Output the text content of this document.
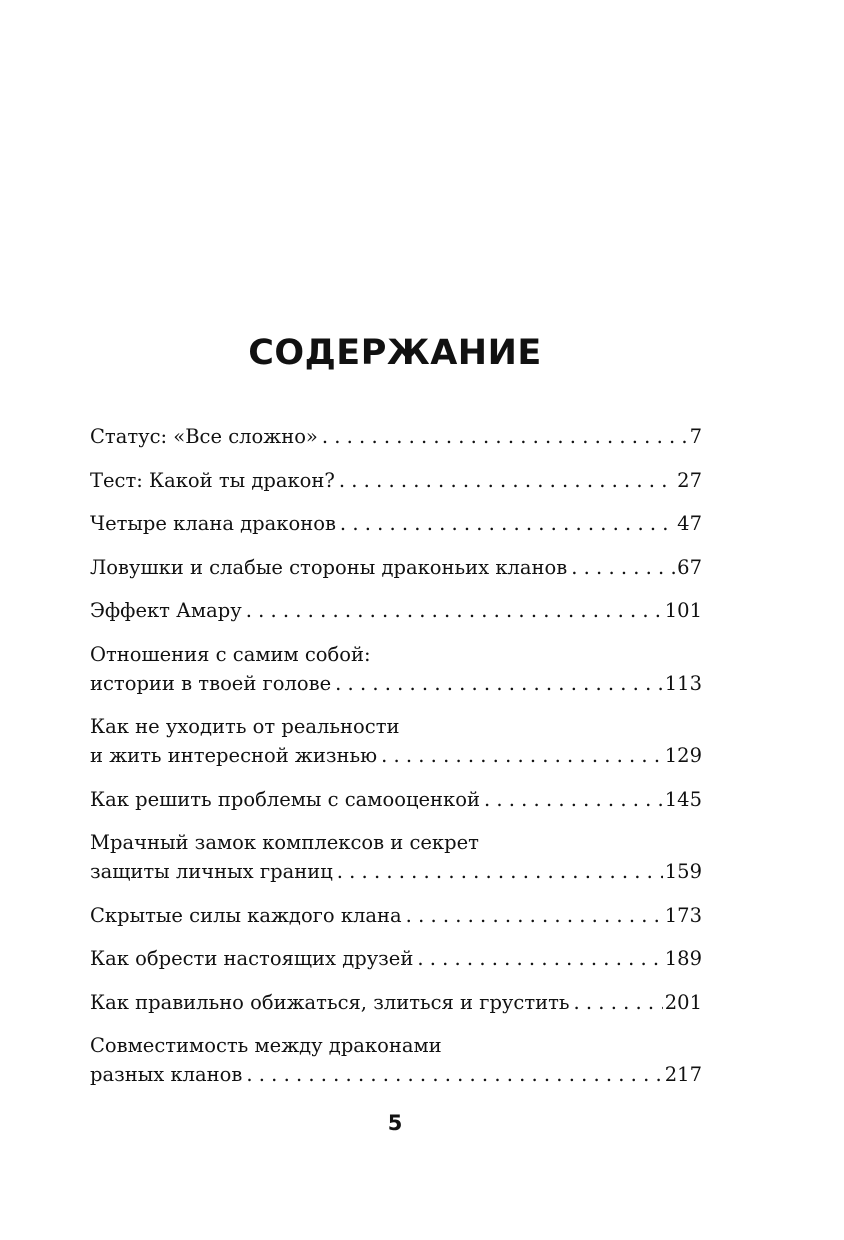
СОДЕРЖАНИЕ
Статус: «Все сложно» . . .	7
Тест: Какой ты дракон? . . .	27
Четыре клана драконов . . .	47
Ловушки и слабые стороны драконьих кланов . . .	67
Эффект Амару . . .	101
Отношения с самим собой:
истории в твоей голове . . .	113
Как не уходить от реальности
и жить интересной жизнью . . .	129
Как решить проблемы с самооценкой . . .	145
Мрачный замок комплексов и секрет
защиты личных границ . . .	159
Скрытые силы каждого клана . . .	173
Как обрести настоящих друзей . . .	189
Как правильно обижаться, злиться и грустить . . .	201
Совместимость между драконами
разных кланов . . .	217
5
